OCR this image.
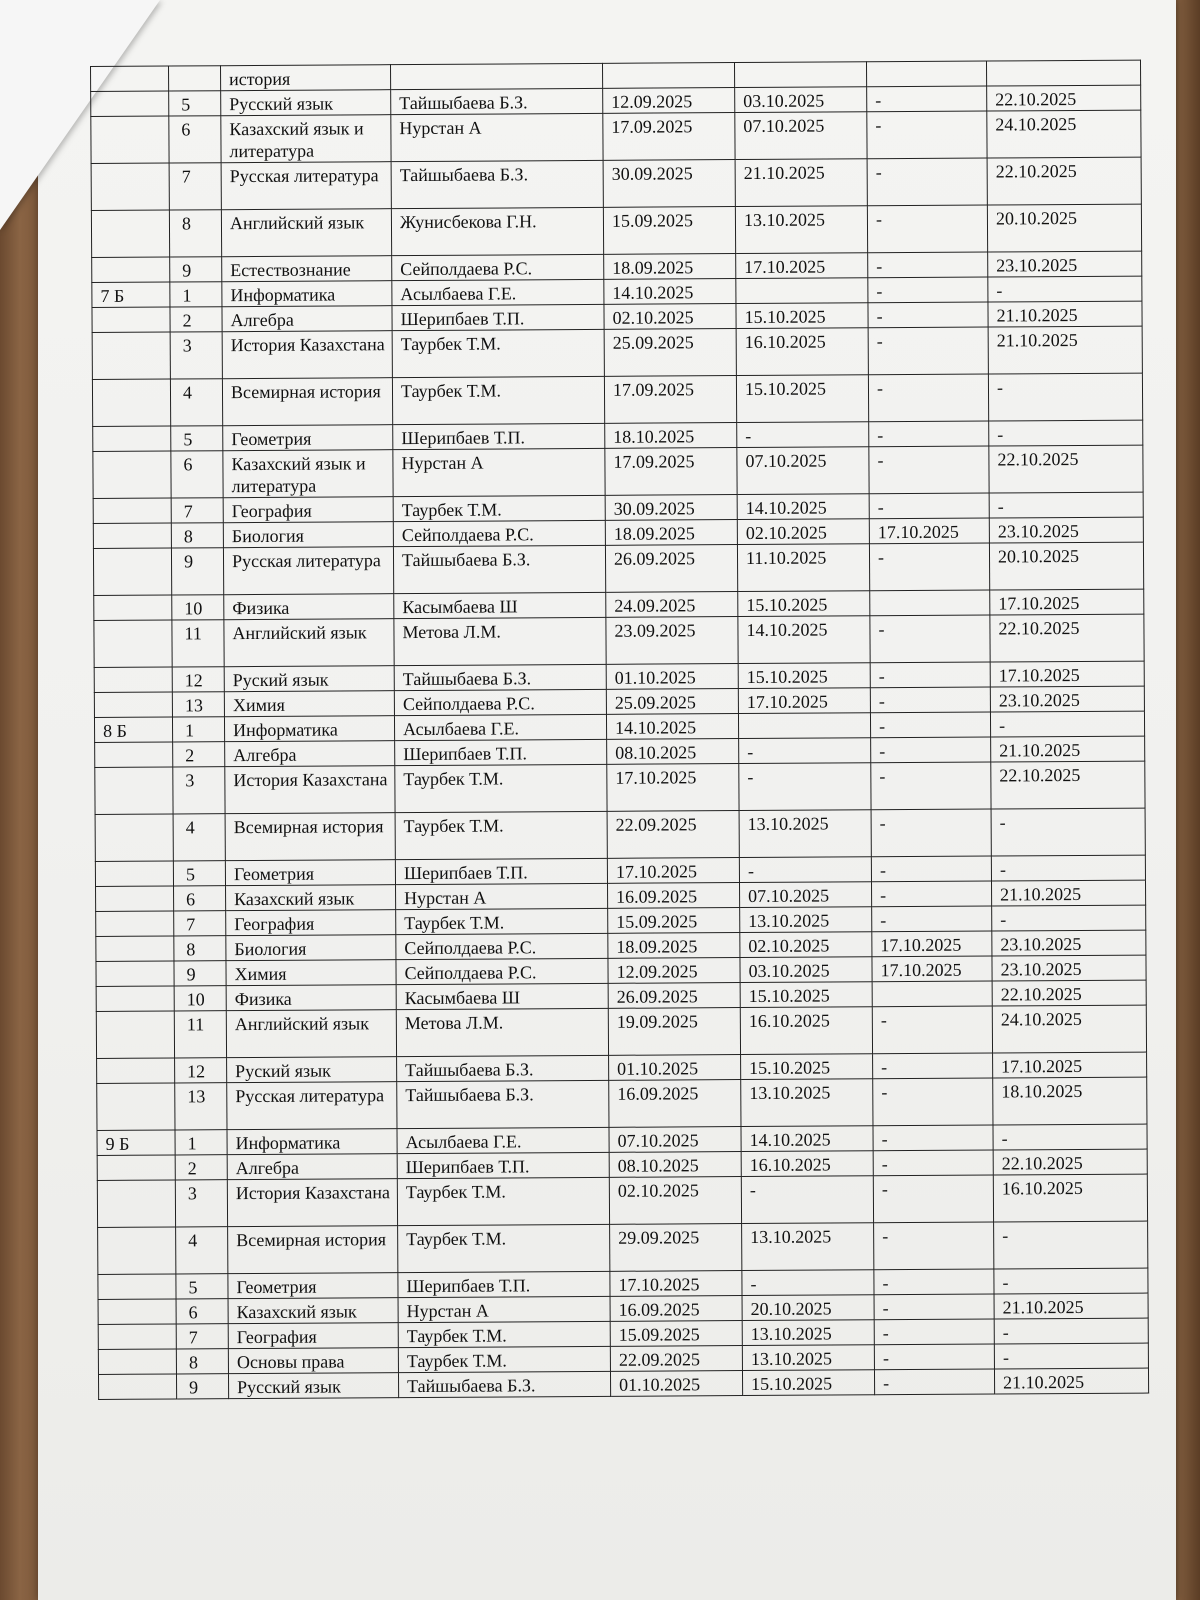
		история					
	5	Русский язык	Тайшыбаева Б.З.	12.09.2025	03.10.2025	-	22.10.2025
	6	Казахский язык и литература	Нурстан А	17.09.2025	07.10.2025	-	24.10.2025
	7	Русская литература	Тайшыбаева Б.З.	30.09.2025	21.10.2025	-	22.10.2025
	8	Английский язык	Жунисбекова Г.Н.	15.09.2025	13.10.2025	-	20.10.2025
	9	Естествознание	Сейполдаева Р.С.	18.09.2025	17.10.2025	-	23.10.2025
7 Б	1	Информатика	Асылбаева Г.Е.	14.10.2025		-	-
	2	Алгебра	Шерипбаев Т.П.	02.10.2025	15.10.2025	-	21.10.2025
	3	История Казахстана	Таурбек Т.М.	25.09.2025	16.10.2025	-	21.10.2025
	4	Всемирная история	Таурбек Т.М.	17.09.2025	15.10.2025	-	-
	5	Геометрия	Шерипбаев Т.П.	18.10.2025	-	-	-
	6	Казахский язык и литература	Нурстан А	17.09.2025	07.10.2025	-	22.10.2025
	7	География	Таурбек Т.М.	30.09.2025	14.10.2025	-	-
	8	Биология	Сейполдаева Р.С.	18.09.2025	02.10.2025	17.10.2025	23.10.2025
	9	Русская литература	Тайшыбаева Б.З.	26.09.2025	11.10.2025	-	20.10.2025
	10	Физика	Касымбаева Ш	24.09.2025	15.10.2025		17.10.2025
	11	Английский язык	Метова Л.М.	23.09.2025	14.10.2025	-	22.10.2025
	12	Руский язык	Тайшыбаева Б.З.	01.10.2025	15.10.2025	-	17.10.2025
	13	Химия	Сейполдаева Р.С.	25.09.2025	17.10.2025	-	23.10.2025
8 Б	1	Информатика	Асылбаева Г.Е.	14.10.2025		-	-
	2	Алгебра	Шерипбаев Т.П.	08.10.2025	-	-	21.10.2025
	3	История Казахстана	Таурбек Т.М.	17.10.2025	-	-	22.10.2025
	4	Всемирная история	Таурбек Т.М.	22.09.2025	13.10.2025	-	-
	5	Геометрия	Шерипбаев Т.П.	17.10.2025	-	-	-
	6	Казахский язык	Нурстан А	16.09.2025	07.10.2025	-	21.10.2025
	7	География	Таурбек Т.М.	15.09.2025	13.10.2025	-	-
	8	Биология	Сейполдаева Р.С.	18.09.2025	02.10.2025	17.10.2025	23.10.2025
	9	Химия	Сейполдаева Р.С.	12.09.2025	03.10.2025	17.10.2025	23.10.2025
	10	Физика	Касымбаева Ш	26.09.2025	15.10.2025		22.10.2025
	11	Английский язык	Метова Л.М.	19.09.2025	16.10.2025	-	24.10.2025
	12	Руский язык	Тайшыбаева Б.З.	01.10.2025	15.10.2025	-	17.10.2025
	13	Русская литература	Тайшыбаева Б.З.	16.09.2025	13.10.2025	-	18.10.2025
9 Б	1	Информатика	Асылбаева Г.Е.	07.10.2025	14.10.2025	-	-
	2	Алгебра	Шерипбаев Т.П.	08.10.2025	16.10.2025	-	22.10.2025
	3	История Казахстана	Таурбек Т.М.	02.10.2025	-	-	16.10.2025
	4	Всемирная история	Таурбек Т.М.	29.09.2025	13.10.2025	-	-
	5	Геометрия	Шерипбаев Т.П.	17.10.2025	-	-	-
	6	Казахский язык	Нурстан А	16.09.2025	20.10.2025	-	21.10.2025
	7	География	Таурбек Т.М.	15.09.2025	13.10.2025	-	-
	8	Основы права	Таурбек Т.М.	22.09.2025	13.10.2025	-	-
	9	Русский язык	Тайшыбаева Б.З.	01.10.2025	15.10.2025	-	21.10.2025
